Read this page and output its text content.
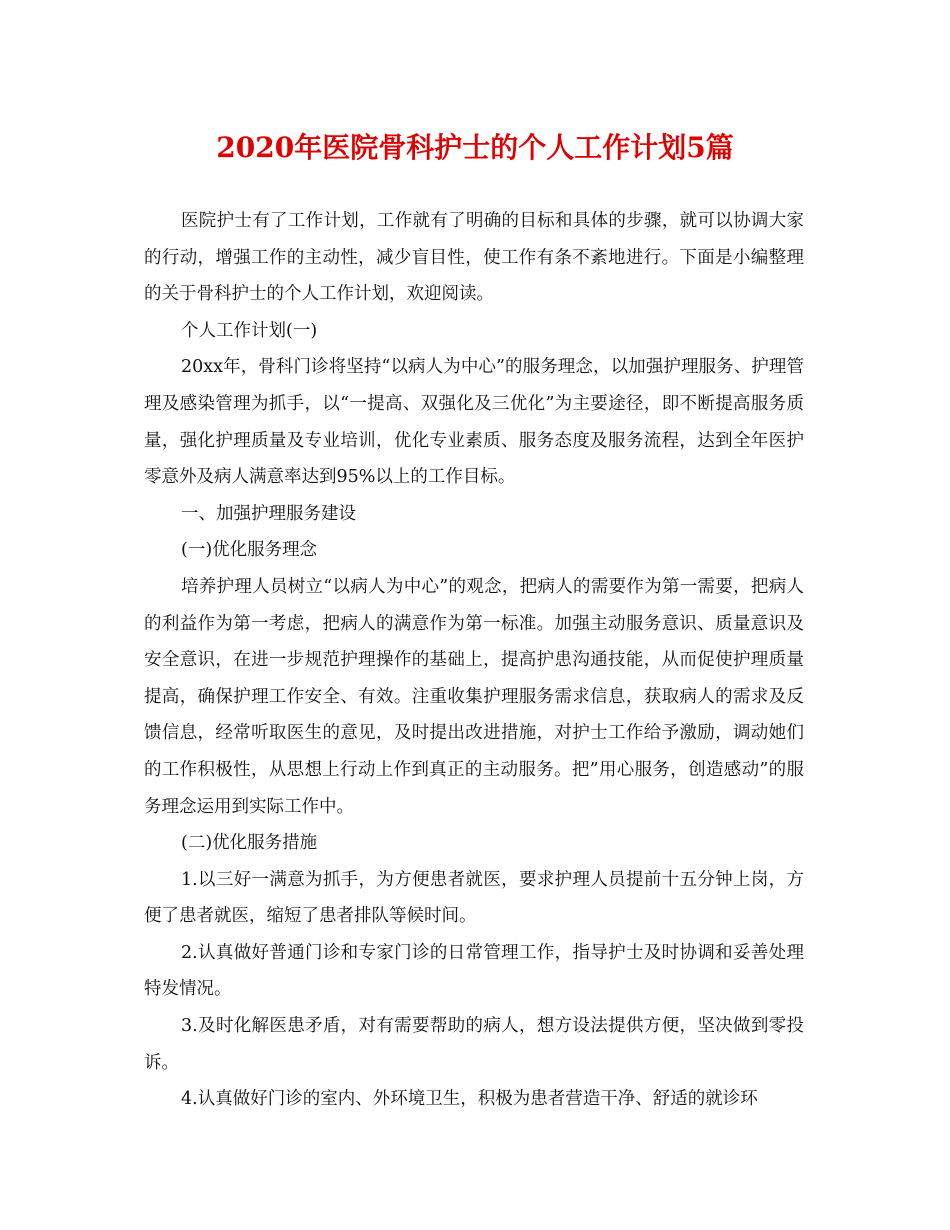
2020年医院骨科护士的个人工作计划5篇

医院护士有了工作计划，工作就有了明确的目标和具体的步骤，就可以协调大家的行动，增强工作的主动性，减少盲目性，使工作有条不紊地进行。下面是小编整理的关于骨科护士的个人工作计划，欢迎阅读。

个人工作计划(一)

20xx年，骨科门诊将坚持“以病人为中心”的服务理念，以加强护理服务、护理管理及感染管理为抓手，以“一提高、双强化及三优化”为主要途径，即不断提高服务质量，强化护理质量及专业培训，优化专业素质、服务态度及服务流程，达到全年医护零意外及病人满意率达到95%以上的工作目标。

一、加强护理服务建设

(一)优化服务理念

培养护理人员树立“以病人为中心”的观念，把病人的需要作为第一需要，把病人的利益作为第一考虑，把病人的满意作为第一标准。加强主动服务意识、质量意识及安全意识，在进一步规范护理操作的基础上，提高护患沟通技能，从而促使护理质量提高，确保护理工作安全、有效。注重收集护理服务需求信息，获取病人的需求及反馈信息，经常听取医生的意见，及时提出改进措施，对护士工作给予激励，调动她们的工作积极性，从思想上行动上作到真正的主动服务。把”用心服务，创造感动”的服务理念运用到实际工作中。

(二)优化服务措施

1.以三好一满意为抓手，为方便患者就医，要求护理人员提前十五分钟上岗，方便了患者就医，缩短了患者排队等候时间。

2.认真做好普通门诊和专家门诊的日常管理工作，指导护士及时协调和妥善处理特发情况。

3.及时化解医患矛盾，对有需要帮助的病人，想方设法提供方便，坚决做到零投诉。

4.认真做好门诊的室内、外环境卫生，积极为患者营造干净、舒适的就诊环
